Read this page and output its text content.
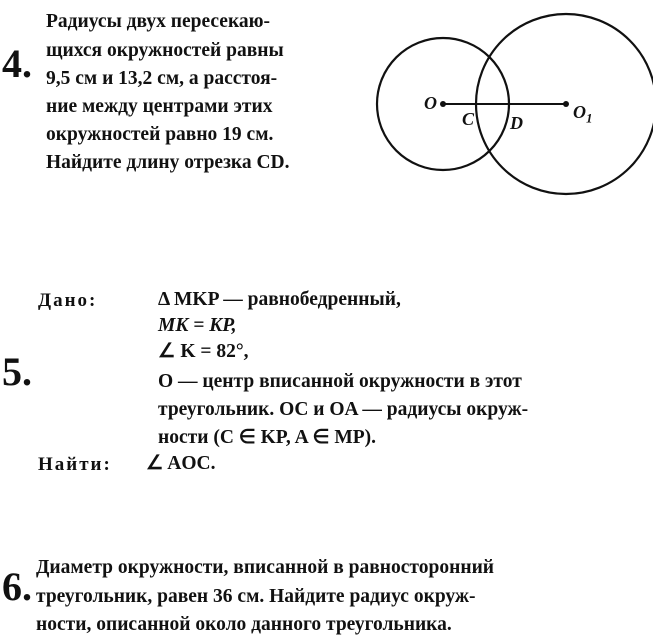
4.
Радиусы двух пересекаю-
щихся окружностей равны
9,5 см и 13,2 см, а расстоя-
ние между центрами этих
окружностей равно 19 см.
Найдите длину отрезка CD.
O
C D
$O_1$
5.
Дано:	Δ MKP — равнобедренный,
MK = KP,
∠ K = 82°,
O — центр вписанной окружности в этот
треугольник. OC и OA — радиусы окруж-
ности (C ∈ KP, A ∈ MP).
Найти: ∠ AOC.
6. Диаметр окружности, вписанной в равносторонний
треугольник, равен 36 см. Найдите радиус окруж-
ности, описанной около данного треугольника.
